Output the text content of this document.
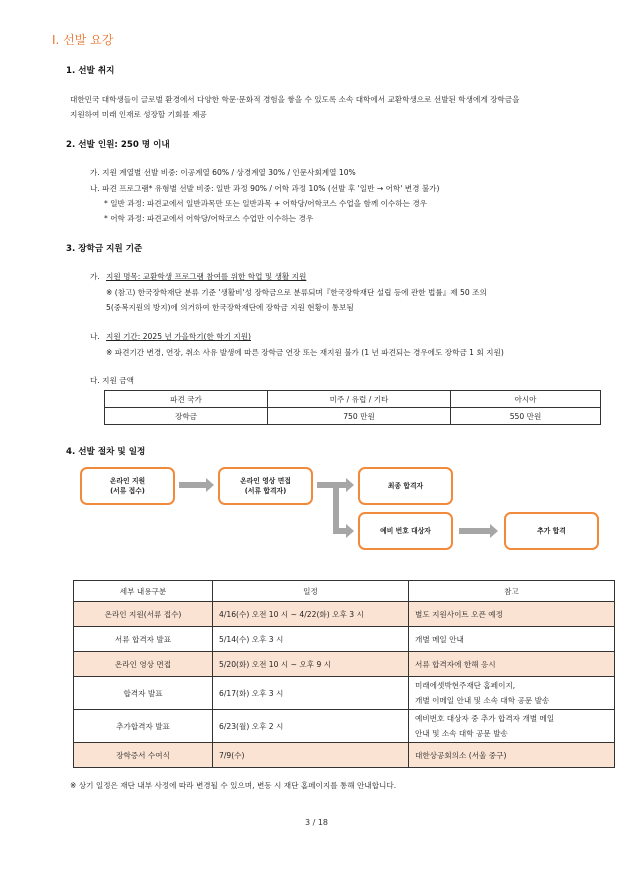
Ⅰ. 선발 요강
1. 선발 취지
대한민국 대학생들이 글로벌 환경에서 다양한 학문·문화적 경험을 쌓을 수 있도록 소속 대학에서 교환학생으로 선발된 학생에게 장학금을
지원하여 미래 인재로 성장할 기회를 제공
2. 선발 인원: 250 명 이내
가. 지원 계열별 선발 비중: 이공계열 60% / 상경계열 30% / 인문사회계열 10%
나. 파견 프로그램* 유형별 선발 비중: 일반 과정 90% / 어학 과정 10% (선발 후 '일반 → 어학' 변경 불가)
* 일반 과정: 파견교에서 일반과목만 또는 일반과목 + 어학당/어학코스 수업을 함께 이수하는 경우
* 어학 과정: 파견교에서 어학당/어학코스 수업만 이수하는 경우
3. 장학금 지원 기준
가. 지원 명목: 교환학생 프로그램 참여를 위한 학업 및 생활 지원
※ (참고) 한국장학재단 분류 기준 '생활비'성 장학금으로 분류되며『한국장학재단 설립 등에 관한 법률』제 50 조의
5(중복지원의 방지)에 의거하여 한국장학재단에 장학금 지원 현황이 통보됨
나. 지원 기간: 2025 년 가을학기(한 학기 지원)
※ 파견기간 변경, 연장, 취소 사유 발생에 따른 장학금 연장 또는 재지원 불가 (1 년 파견되는 경우에도 장학금 1 회 지원)
다. 지원 금액
파견 국가	미주 / 유럽 / 기타	아시아
장학금	750 만원	550 만원
4. 선발 절차 및 일정
온라인 지원
(서류 접수)
온라인 영상 면접
(서류 합격자)
최종 합격자
예비 번호 대상자	추가 합격
세부 내용구분	일정	참고
온라인 지원(서류 접수)	4/16(수) 오전 10 시 ~ 4/22(화) 오후 3 시	별도 지원사이트 오픈 예정
서류 합격자 발표	5/14(수) 오후 3 시	개별 메일 안내
온라인 영상 면접	5/20(화) 오전 10 시 ~ 오후 9 시	서류 합격자에 한해 응시
합격자 발표	6/17(화) 오후 3 시	미래에셋박현주재단 홈페이지,
개별 이메일 안내 및 소속 대학 공문 발송
추가합격자 발표	6/23(월) 오후 2 시	예비번호 대상자 중 추가 합격자 개별 메일
안내 및 소속 대학 공문 발송
장학증서 수여식	7/9(수)	대한상공회의소 (서울 중구)
※ 상기 일정은 재단 내부 사정에 따라 변경될 수 있으며, 변동 시 재단 홈페이지를 통해 안내합니다.
3 / 18
